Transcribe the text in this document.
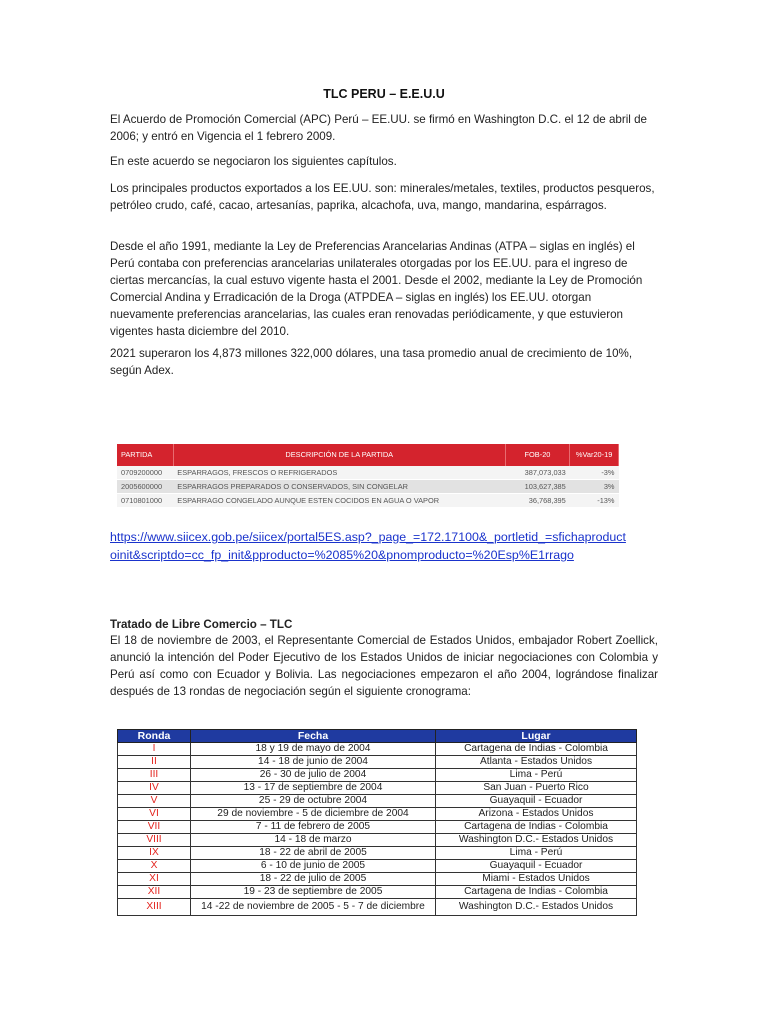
TLC PERU – E.E.U.U

El Acuerdo de Promoción Comercial (APC) Perú – EE.UU. se firmó en Washington D.C. el 12 de abril de 2006; y entró en Vigencia el 1 febrero 2009.

En este acuerdo se negociaron los siguientes capítulos.

Los principales productos exportados a los EE.UU. son: minerales/metales, textiles, productos pesqueros, petróleo crudo, café, cacao, artesanías, paprika, alcachofa, uva, mango, mandarina, espárragos.

Desde el año 1991, mediante la Ley de Preferencias Arancelarias Andinas (ATPA – siglas en inglés) el Perú contaba con preferencias arancelarias unilaterales otorgadas por los EE.UU. para el ingreso de ciertas mercancías, la cual estuvo vigente hasta el 2001. Desde el 2002, mediante la Ley de Promoción Comercial Andina y Erradicación de la Droga (ATPDEA – siglas en inglés) los EE.UU. otorgan nuevamente preferencias arancelarias, las cuales eran renovadas periódicamente, y que estuvieron vigentes hasta diciembre del 2010.

2021 superaron los 4,873 millones 322,000 dólares, una tasa promedio anual de crecimiento de 10%, según Adex.

PARTIDA	DESCRIPCIÓN DE LA PARTIDA	FOB-20	%Var20-19
0709200000	ESPARRAGOS, FRESCOS O REFRIGERADOS	387,073,033	-3%
2005600000	ESPARRAGOS PREPARADOS O CONSERVADOS, SIN CONGELAR	103,627,385	3%
0710801000	ESPARRAGO CONGELADO AUNQUE ESTEN COCIDOS EN AGUA O VAPOR	36,768,395	-13%
https://www.siicex.gob.pe/siicex/portal5ES.asp?_page_=172.17100&_portletid_=sfichaproductoinit&scriptdo=cc_fp_init&pproducto=%2085%20&pnomproducto=%20Esp%E1rrago

Tratado de Libre Comercio – TLC

El 18 de noviembre de 2003, el Representante Comercial de Estados Unidos, embajador Robert Zoellick, anunció la intención del Poder Ejecutivo de los Estados Unidos de iniciar negociaciones con Colombia y Perú así como con Ecuador y Bolivia. Las negociaciones empezaron el año 2004, lográndose finalizar después de 13 rondas de negociación según el siguiente cronograma:

Ronda	Fecha	Lugar
I	18 y 19 de mayo de 2004	Cartagena de Indias - Colombia
II	14 - 18 de junio de 2004	Atlanta - Estados Unidos
III	26 - 30 de julio de 2004	Lima - Perú
IV	13 - 17 de septiembre de 2004	San Juan - Puerto Rico
V	25 - 29 de octubre 2004	Guayaquil - Ecuador
VI	29 de noviembre - 5 de diciembre de 2004	Arizona - Estados Unidos
VII	7 - 11 de febrero de 2005	Cartagena de Indias - Colombia
VIII	14 - 18 de marzo	Washington D.C.- Estados Unidos
IX	18 - 22 de abril de 2005	Lima - Perú
X	6 - 10 de junio de 2005	Guayaquil - Ecuador
XI	18 - 22 de julio de 2005	Miami - Estados Unidos
XII	19 - 23 de septiembre de 2005	Cartagena de Indias - Colombia
XIII	14 -22 de noviembre de 2005 - 5 - 7 de diciembre	Washington D.C.- Estados Unidos
